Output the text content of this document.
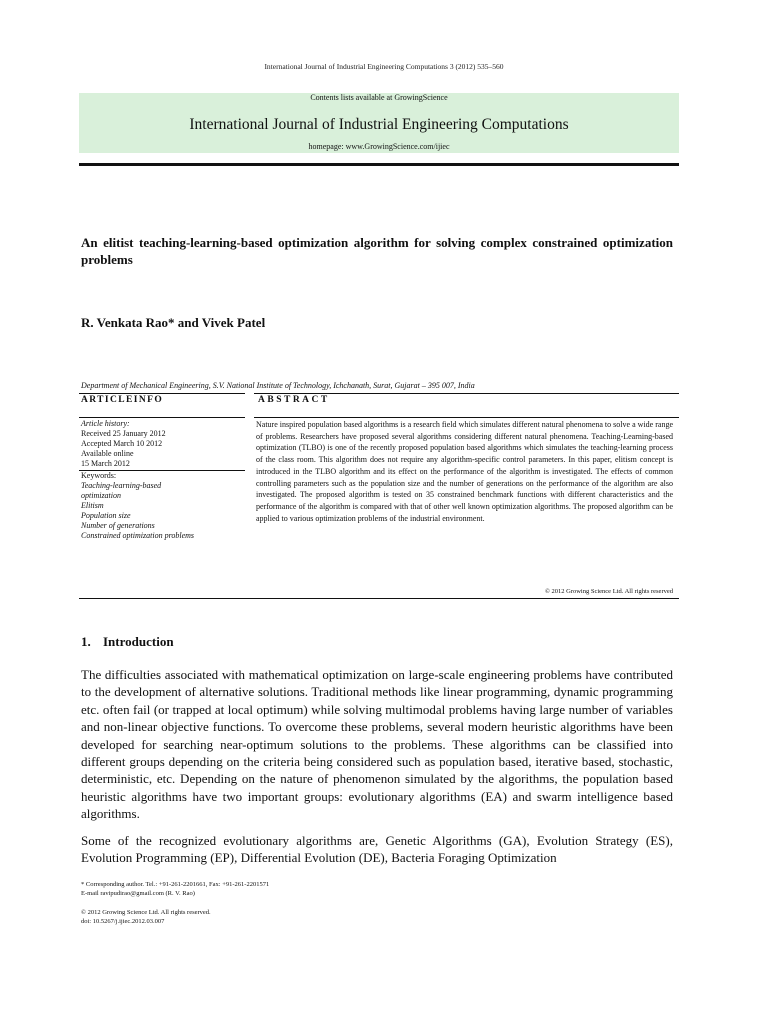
International Journal of Industrial Engineering Computations 3 (2012) 535–560
Contents lists available at GrowingScience
International Journal of Industrial Engineering Computations
homepage: www.GrowingScience.com/ijiec
An elitist teaching-learning-based optimization algorithm for solving complex constrained optimization problems
R. Venkata Rao* and Vivek Patel
Department of Mechanical Engineering, S.V. National Institute of Technology, Ichchanath, Surat, Gujarat – 395 007, India
ARTICLEINFO	ABSTRACT
Article history:
Received 25 January 2012
Accepted March 10 2012
Available online
15 March 2012
Keywords:
Teaching-learning-based
optimization
Elitism
Population size
Number of generations
Constrained optimization problems
Nature inspired population based algorithms is a research field which simulates different natural phenomena to solve a wide range of problems. Researchers have proposed several algorithms considering different natural phenomena. Teaching-Learning-based optimization (TLBO) is one of the recently proposed population based algorithms which simulates the teaching-learning process of the class room. This algorithm does not require any algorithm-specific control parameters. In this paper, elitism concept is introduced in the TLBO algorithm and its effect on the performance of the algorithm is investigated. The effects of common controlling parameters such as the population size and the number of generations on the performance of the algorithm are also investigated. The proposed algorithm is tested on 35 constrained benchmark functions with different characteristics and the performance of the algorithm is compared with that of other well known optimization algorithms. The proposed algorithm can be applied to various optimization problems of the industrial environment.
© 2012 Growing Science Ltd. All rights reserved
1. Introduction
The difficulties associated with mathematical optimization on large-scale engineering problems have contributed to the development of alternative solutions. Traditional methods like linear programming, dynamic programming etc. often fail (or trapped at local optimum) while solving multimodal problems having large number of variables and non-linear objective functions. To overcome these problems, several modern heuristic algorithms have been developed for searching near-optimum solutions to the problems. These algorithms can be classified into different groups depending on the criteria being considered such as population based, iterative based, stochastic, deterministic, etc. Depending on the nature of phenomenon simulated by the algorithms, the population based heuristic algorithms have two important groups: evolutionary algorithms (EA) and swarm intelligence based algorithms.
Some of the recognized evolutionary algorithms are, Genetic Algorithms (GA), Evolution Strategy (ES), Evolution Programming (EP), Differential Evolution (DE), Bacteria Foraging Optimization
* Corresponding author. Tel.: +91-261-2201661, Fax: +91-261-2201571
E-mail ravipudirao@gmail.com (R. V. Rao)
© 2012 Growing Science Ltd. All rights reserved.
doi: 10.5267/j.ijiec.2012.03.007
